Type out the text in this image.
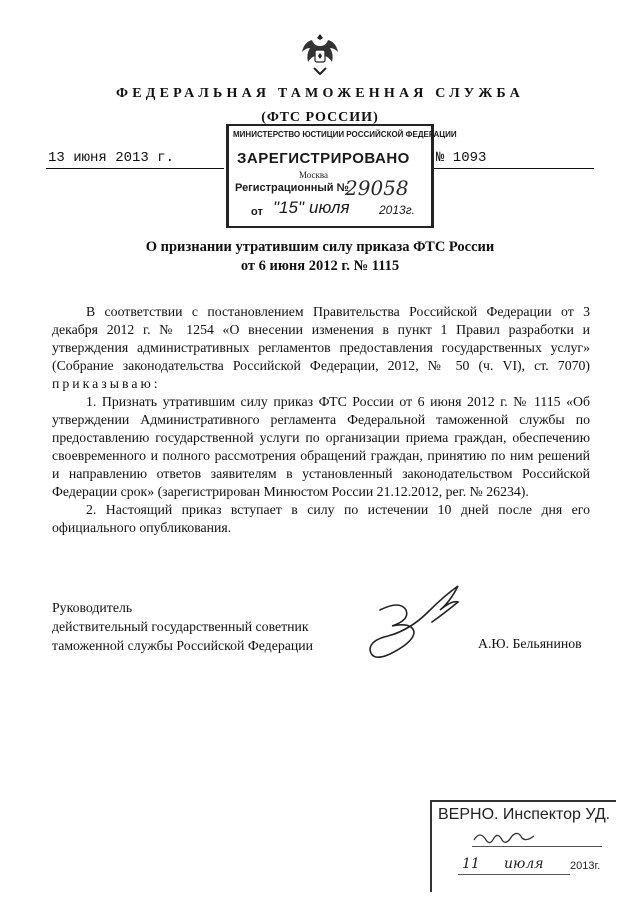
ФЕДЕРАЛЬНАЯ ТАМОЖЕННАЯ СЛУЖБА
(ФТС РОССИИ)
13 июня 2013 г.	№ 1093
МИНИСТЕРСТВО ЮСТИЦИИ РОССИЙСКОЙ ФЕДЕРАЦИИ
ЗАРЕГИСТРИРОВАНО
Москва
Регистрационный №
29058
от "15" июля 2013г.
О признании утратившим силу приказа ФТС России
от 6 июня 2012 г. № 1115

В соответствии с постановлением Правительства Российской Федерации от 3 декабря 2012 г. № 1254 «О внесении изменения в пункт 1 Правил разработки и утверждения административных регламентов предоставления государственных услуг» (Собрание законодательства Российской Федерации, 2012, № 50 (ч. VI), ст. 7070) приказываю:

1. Признать утратившим силу приказ ФТС России от 6 июня 2012 г. № 1115 «Об утверждении Административного регламента Федеральной таможенной службы по предоставлению государственной услуги по организации приема граждан, обеспечению своевременного и полного рассмотрения обращений граждан, принятию по ним решений и направлению ответов заявителям в установленный законодательством Российской Федерации срок» (зарегистрирован Минюстом России 21.12.2012, рег. № 26234).

2. Настоящий приказ вступает в силу по истечении 10 дней после дня его официального опубликования.

Руководитель
действительный государственный советник
таможенной службы Российской Федерации	А.Ю. Бельянинов
ВЕРНО. Инспектор УД.
11 июля 2013г.
